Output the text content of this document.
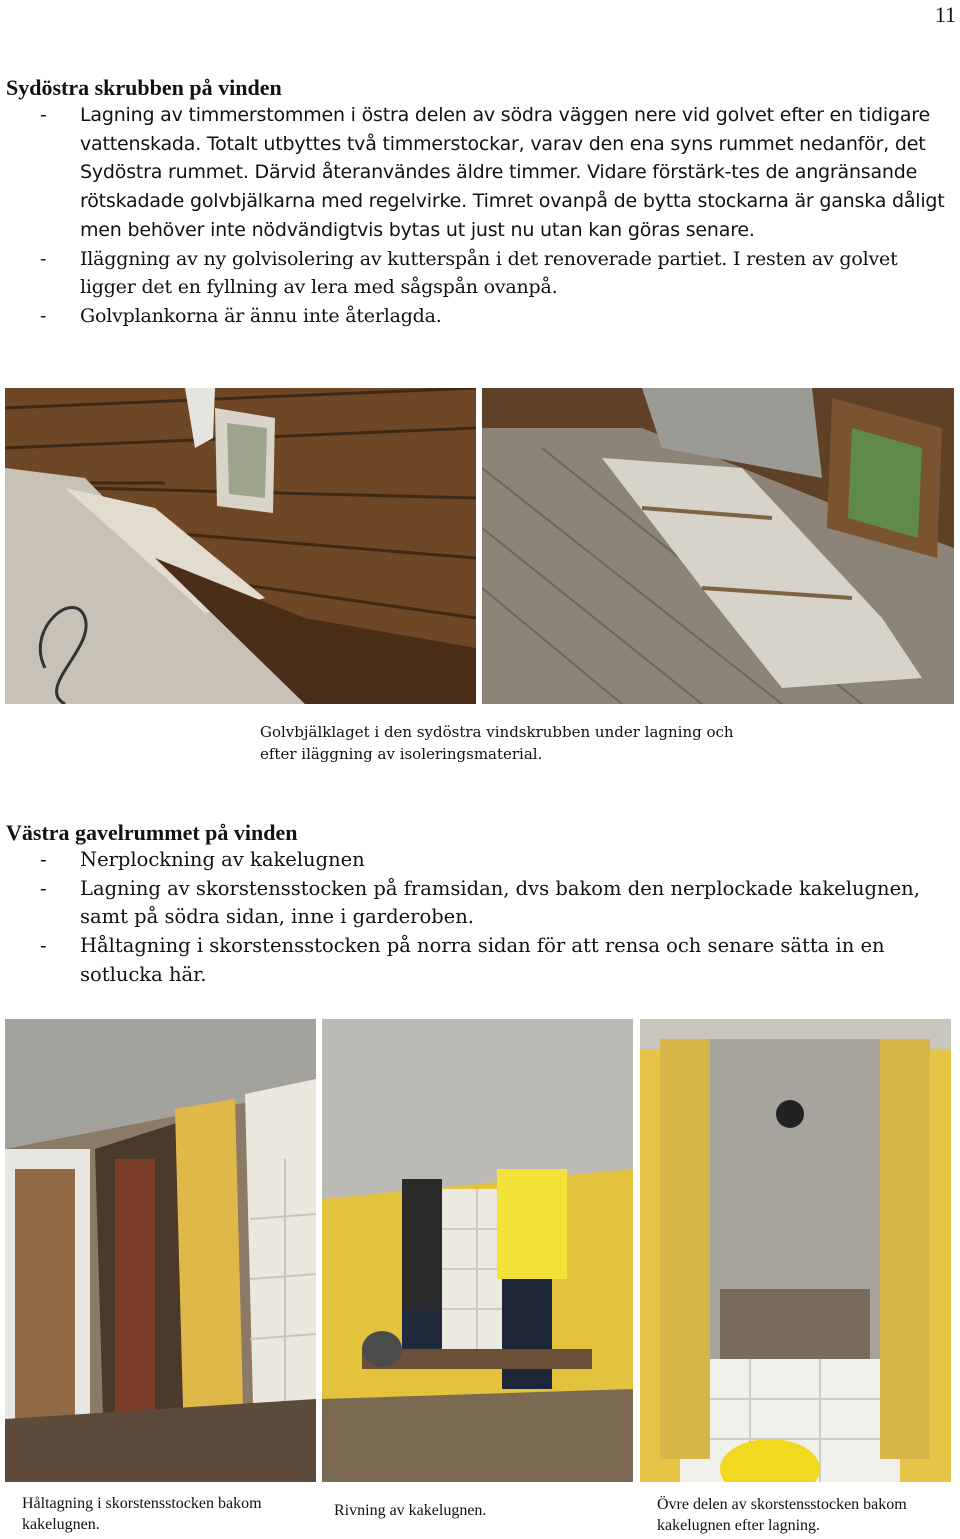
11
Sydöstra skrubben på vinden
- Lagning av timmerstommen i östra delen av södra väggen nere vid golvet efter en tidigare vattenskada. Totalt utbyttes två timmerstockar, varav den ena syns rummet nedanför, det Sydöstra rummet. Därvid återanvändes äldre timmer. Vidare förstärk-tes de angränsande rötskadade golvbjälkarna med regelvirke. Timret ovanpå de bytta stockarna är ganska dåligt men behöver inte nödvändigtvis bytas ut just nu utan kan göras senare.
- Iläggning av ny golvisolering av kutterspån i det renoverade partiet. I resten av golvet ligger det en fyllning av lera med sågspån ovanpå.
- Golvplankorna är ännu inte återlagda.

Golvbjälklaget i den sydöstra vindskrubben under lagning och efter iläggning av isoleringsmaterial.

Västra gavelrummet på vinden
- Nerplockning av kakelugnen
- Lagning av skorstensstocken på framsidan, dvs bakom den nerplockade kakelugnen, samt på södra sidan, inne i garderoben.
- Håltagning i skorstensstocken på norra sidan för att rensa och senare sätta in en sotlucka här.

Håltagning i skorstensstocken bakom kakelugnen.

Rivning av kakelugnen.	Övre delen av skorstensstocken bakom kakelugnen efter lagning.
